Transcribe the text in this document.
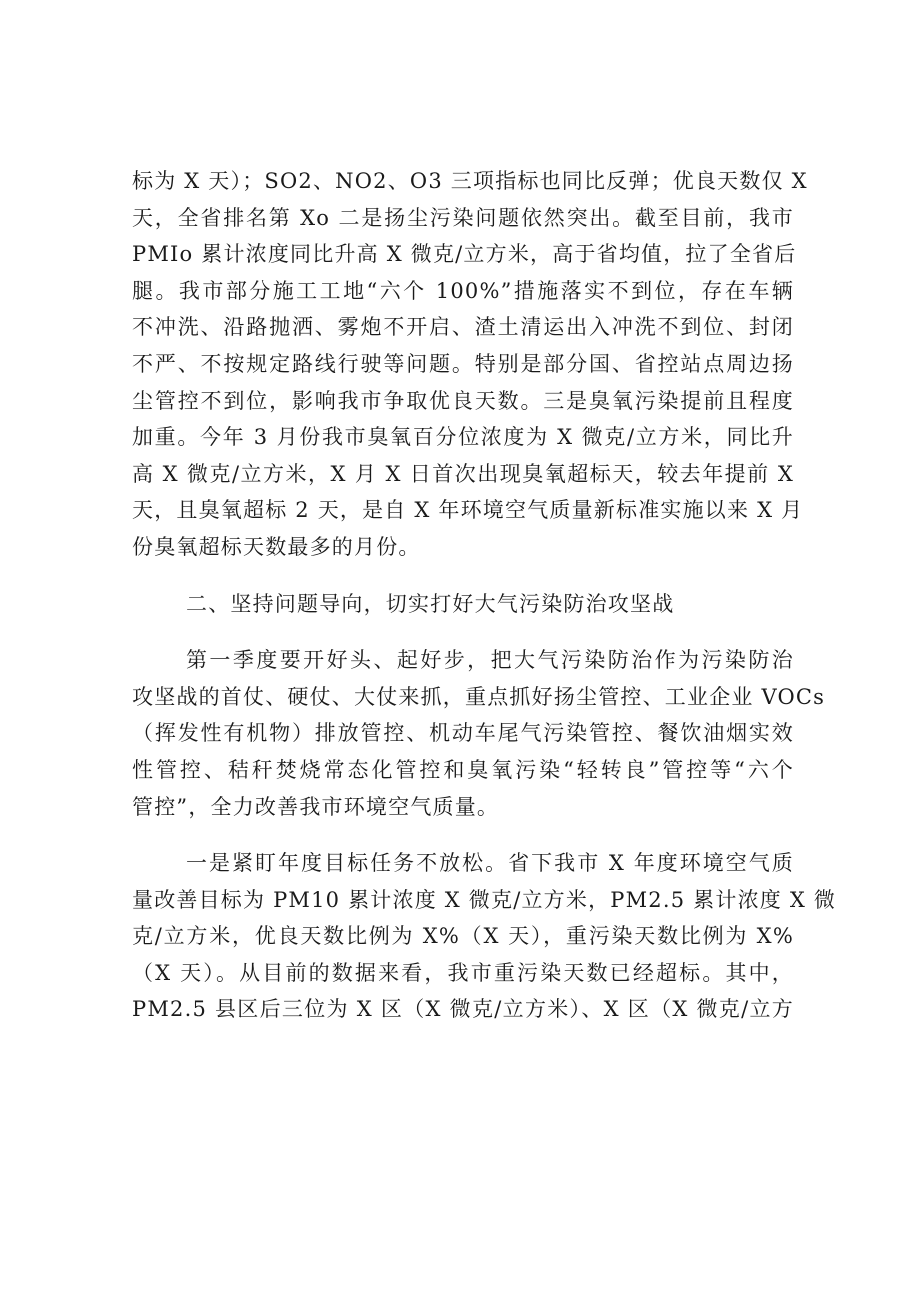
标为 X 天）；SO2、NO2、O3 三项指标也同比反弹；优良天数仅 X
天，全省排名第 Xo 二是扬尘污染问题依然突出。截至目前，我市
PMIo 累计浓度同比升高 X 微克/立方米，高于省均值，拉了全省后
腿。我市部分施工工地“六个 100%”措施落实不到位，存在车辆
不冲洗、沿路抛洒、雾炮不开启、渣土清运出入冲洗不到位、封闭
不严、不按规定路线行驶等问题。特别是部分国、省控站点周边扬
尘管控不到位，影响我市争取优良天数。三是臭氧污染提前且程度
加重。今年 3 月份我市臭氧百分位浓度为 X 微克/立方米，同比升
高 X 微克/立方米，X 月 X 日首次出现臭氧超标天，较去年提前 X
天，且臭氧超标 2 天，是自 X 年环境空气质量新标准实施以来 X 月
份臭氧超标天数最多的月份。
二、坚持问题导向，切实打好大气污染防治攻坚战
第一季度要开好头、起好步，把大气污染防治作为污染防治
攻坚战的首仗、硬仗、大仗来抓，重点抓好扬尘管控、工业企业 VOCs
（挥发性有机物）排放管控、机动车尾气污染管控、餐饮油烟实效
性管控、秸秆焚烧常态化管控和臭氧污染“轻转良”管控等“六个
管控”，全力改善我市环境空气质量。
一是紧盯年度目标任务不放松。省下我市 X 年度环境空气质
量改善目标为 PM10 累计浓度 X 微克/立方米，PM2.5 累计浓度 X 微
克/立方米，优良天数比例为 X%（X 天），重污染天数比例为 X%
（X 天）。从目前的数据来看，我市重污染天数已经超标。其中，
PM2.5 县区后三位为 X 区（X 微克/立方米）、X 区（X 微克/立方
